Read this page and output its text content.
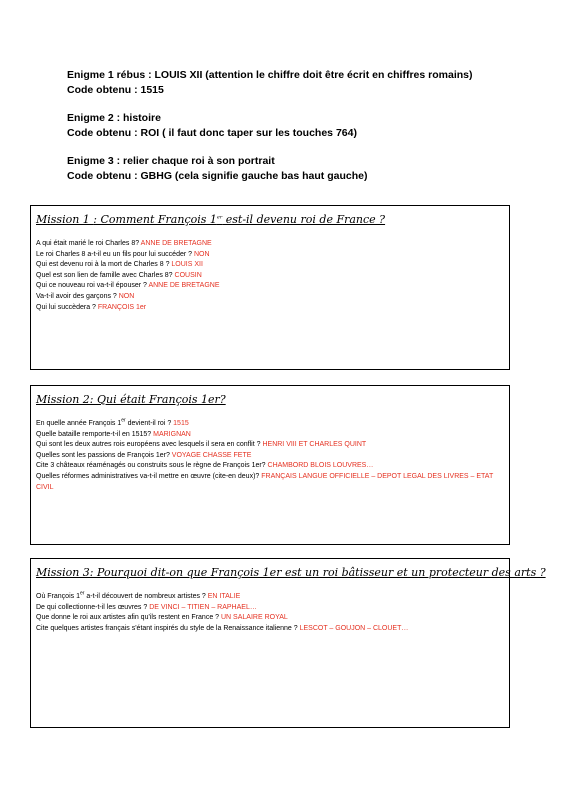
Enigme 1 rébus : LOUIS XII (attention le chiffre doit être écrit en chiffres romains)
Code obtenu : 1515
Enigme 2 : histoire
Code obtenu : ROI ( il faut donc taper sur les touches 764)
Enigme 3 : relier chaque roi à son portrait
Code obtenu : GBHG (cela signifie gauche bas haut gauche)
Mission 1 : Comment François 1er est-il devenu roi de France ?
A qui était marié le roi Charles 8? ANNE DE BRETAGNE
Le roi Charles 8 a-t-il eu un fils pour lui succéder ? NON
Qui est devenu roi à la mort de Charles 8 ? LOUIS XII
Quel est son lien de famille avec Charles 8? COUSIN
Qui ce nouveau roi va-t-il épouser ? ANNE DE BRETAGNE
Va-t-il avoir des garçons ? NON
Qui lui succèdera ? FRANÇOIS 1er
Mission 2: Qui était François 1er?
En quelle année François 1er devient-il roi ? 1515
Quelle bataille remporte-t-il en 1515? MARIGNAN
Qui sont les deux autres rois européens avec lesquels il sera en conflit ? HENRI VIII ET CHARLES QUINT
Quelles sont les passions de François 1er? VOYAGE CHASSE FETE
Cite 3 châteaux réaménagés ou construits sous le règne de François 1er? CHAMBORD BLOIS LOUVRES…
Quelles réformes administratives va-t-il mettre en œuvre (cite-en deux)? FRANÇAIS LANGUE OFFICIELLE – DEPOT LEGAL DES LIVRES – ETAT CIVIL
Mission 3: Pourquoi dit-on que François 1er est un roi bâtisseur et un protecteur des arts ?
Où François 1er a-t-il découvert de nombreux artistes ? EN ITALIE
De qui collectionne-t-il les œuvres ? DE VINCI – TITIEN – RAPHAEL…
Que donne le roi aux artistes afin qu'ils restent en France ? UN SALAIRE ROYAL
Cite quelques artistes français s'étant inspirés du style de la Renaissance italienne ? LESCOT – GOUJON – CLOUET…
